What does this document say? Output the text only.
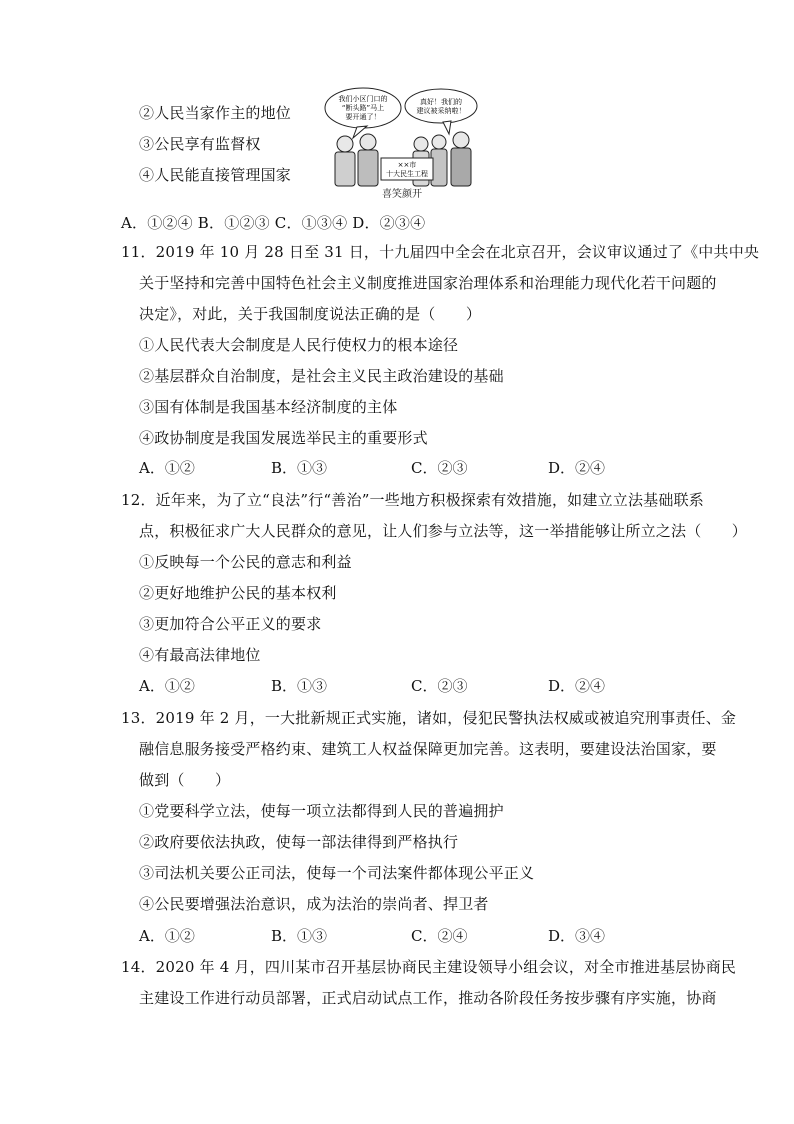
②人民当家作主的地位
③公民享有监督权
④人民能直接管理国家
我们小区门口的
“断头路”马上
要开通了！
真好！我们的
建议被采纳啦！
××市
十大民生工程
喜笑颜开
A．①②④ B．①②③ C．①③④ D．②③④
11．2019 年 10 月 28 日至 31 日，十九届四中全会在北京召开，会议审议通过了《中共中央
关于坚持和完善中国特色社会主义制度推进国家治理体系和治理能力现代化若干问题的
决定》，对此，关于我国制度说法正确的是（　　）
①人民代表大会制度是人民行使权力的根本途径
②基层群众自治制度，是社会主义民主政治建设的基础
③国有体制是我国基本经济制度的主体
④政协制度是我国发展选举民主的重要形式
A．①②	B．①③	C．②③	D．②④
12．近年来，为了立“良法”行“善治”一些地方积极探索有效措施，如建立立法基础联系
点，积极征求广大人民群众的意见，让人们参与立法等，这一举措能够让所立之法（　　）
①反映每一个公民的意志和利益
②更好地维护公民的基本权利
③更加符合公平正义的要求
④有最高法律地位
A．①②	B．①③	C．②③	D．②④
13．2019 年 2 月，一大批新规正式实施，诸如，侵犯民警执法权威或被追究刑事责任、金
融信息服务接受严格约束、建筑工人权益保障更加完善。这表明，要建设法治国家，要
做到（　　）
①党要科学立法，使每一项立法都得到人民的普遍拥护
②政府要依法执政，使每一部法律得到严格执行
③司法机关要公正司法，使每一个司法案件都体现公平正义
④公民要增强法治意识，成为法治的崇尚者、捍卫者
A．①②	B．①③	C．②④	D．③④
14．2020 年 4 月，四川某市召开基层协商民主建设领导小组会议，对全市推进基层协商民
主建设工作进行动员部署，正式启动试点工作，推动各阶段任务按步骤有序实施，协商
